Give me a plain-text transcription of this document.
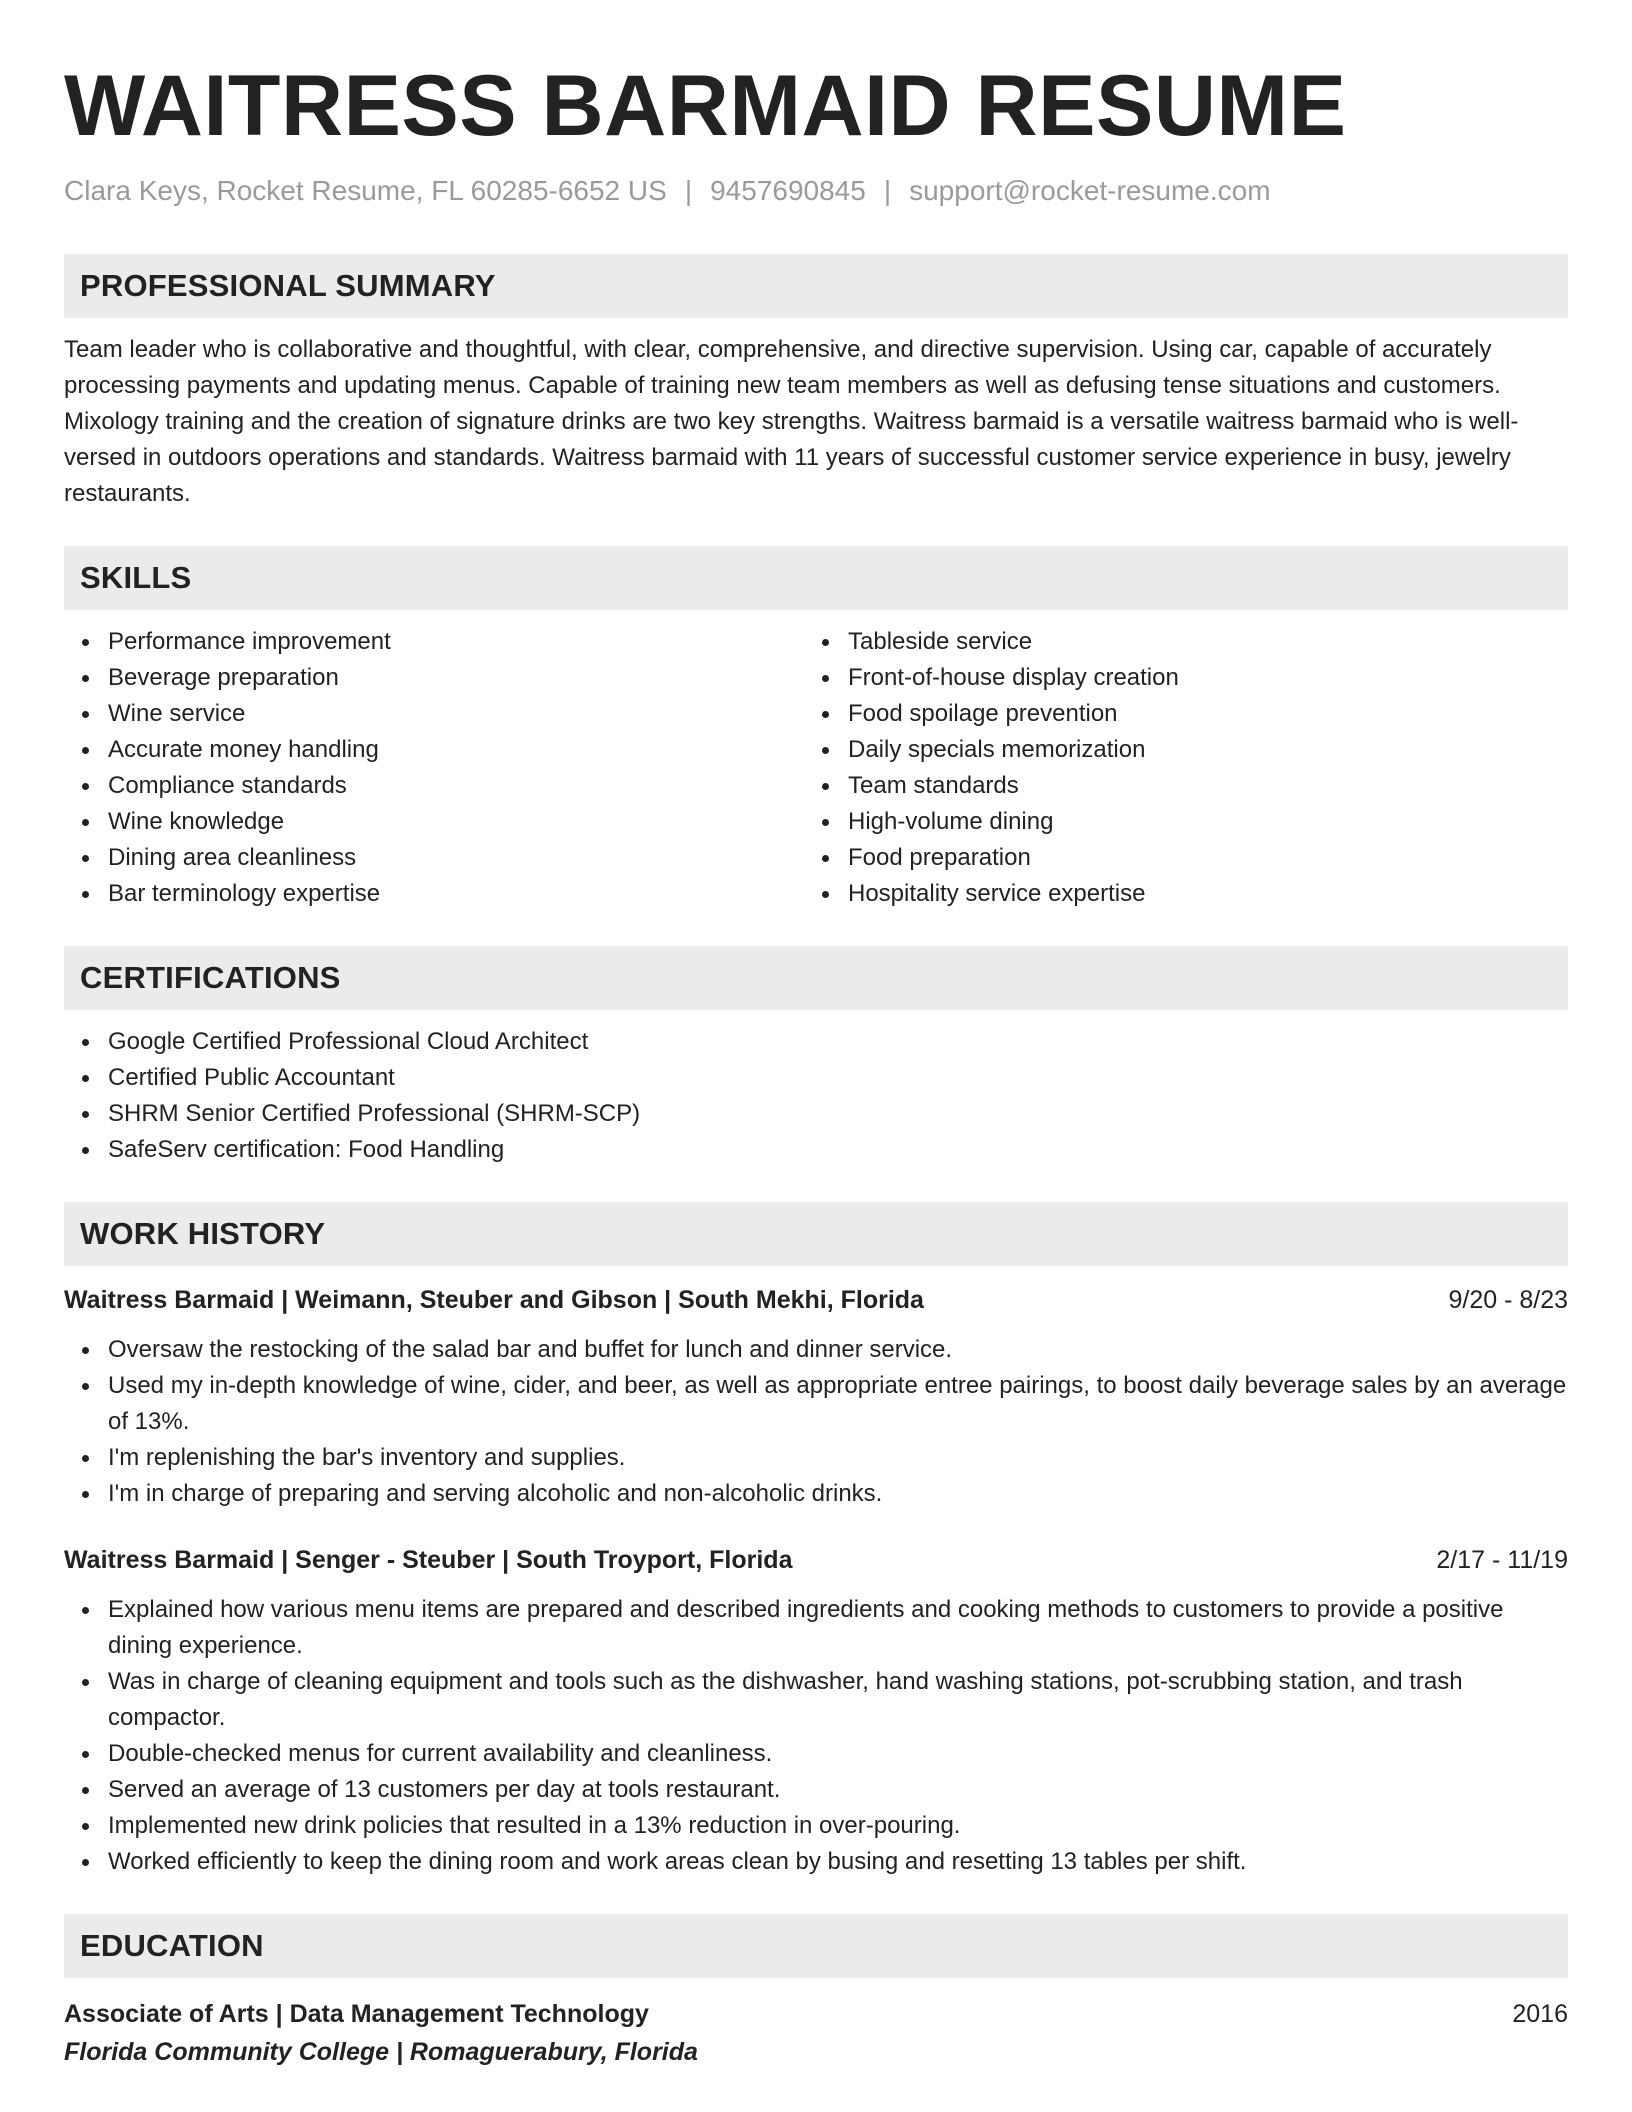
WAITRESS BARMAID RESUME
Clara Keys, Rocket Resume, FL 60285-6652 US | 9457690845 | support@rocket-resume.com
PROFESSIONAL SUMMARY
Team leader who is collaborative and thoughtful, with clear, comprehensive, and directive supervision. Using car, capable of accurately processing payments and updating menus. Capable of training new team members as well as defusing tense situations and customers. Mixology training and the creation of signature drinks are two key strengths. Waitress barmaid is a versatile waitress barmaid who is well-versed in outdoors operations and standards. Waitress barmaid with 11 years of successful customer service experience in busy, jewelry restaurants.
SKILLS
Performance improvement
Beverage preparation
Wine service
Accurate money handling
Compliance standards
Wine knowledge
Dining area cleanliness
Bar terminology expertise
Tableside service
Front-of-house display creation
Food spoilage prevention
Daily specials memorization
Team standards
High-volume dining
Food preparation
Hospitality service expertise
CERTIFICATIONS
Google Certified Professional Cloud Architect
Certified Public Accountant
SHRM Senior Certified Professional (SHRM-SCP)
SafeServ certification: Food Handling
WORK HISTORY
Waitress Barmaid | Weimann, Steuber and Gibson | South Mekhi, Florida	9/20 - 8/23
Oversaw the restocking of the salad bar and buffet for lunch and dinner service.
Used my in-depth knowledge of wine, cider, and beer, as well as appropriate entree pairings, to boost daily beverage sales by an average of 13%.
I'm replenishing the bar's inventory and supplies.
I'm in charge of preparing and serving alcoholic and non-alcoholic drinks.
Waitress Barmaid | Senger - Steuber | South Troyport, Florida	2/17 - 11/19
Explained how various menu items are prepared and described ingredients and cooking methods to customers to provide a positive dining experience.
Was in charge of cleaning equipment and tools such as the dishwasher, hand washing stations, pot-scrubbing station, and trash compactor.
Double-checked menus for current availability and cleanliness.
Served an average of 13 customers per day at tools restaurant.
Implemented new drink policies that resulted in a 13% reduction in over-pouring.
Worked efficiently to keep the dining room and work areas clean by busing and resetting 13 tables per shift.
EDUCATION
Associate of Arts | Data Management Technology	2016
Florida Community College | Romaguerabury, Florida
